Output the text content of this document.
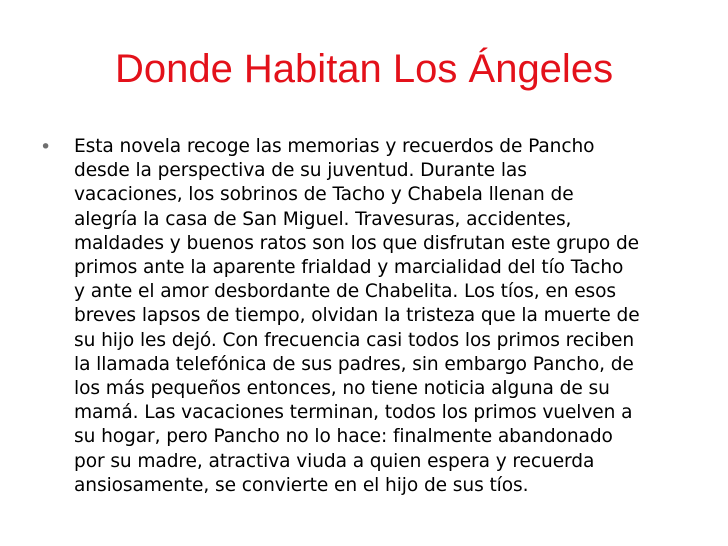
Donde Habitan Los Ángeles
•	Esta novela recoge las memorias y recuerdos de Pancho
desde la perspectiva de su juventud. Durante las
vacaciones, los sobrinos de Tacho y Chabela llenan de
alegría la casa de San Miguel. Travesuras, accidentes,
maldades y buenos ratos son los que disfrutan este grupo de
primos ante la aparente frialdad y marcialidad del tío Tacho
y ante el amor desbordante de Chabelita. Los tíos, en esos
breves lapsos de tiempo, olvidan la tristeza que la muerte de
su hijo les dejó. Con frecuencia casi todos los primos reciben
la llamada telefónica de sus padres, sin embargo Pancho, de
los más pequeños entonces, no tiene noticia alguna de su
mamá. Las vacaciones terminan, todos los primos vuelven a
su hogar, pero Pancho no lo hace: finalmente abandonado
por su madre, atractiva viuda a quien espera y recuerda
ansiosamente, se convierte en el hijo de sus tíos.
